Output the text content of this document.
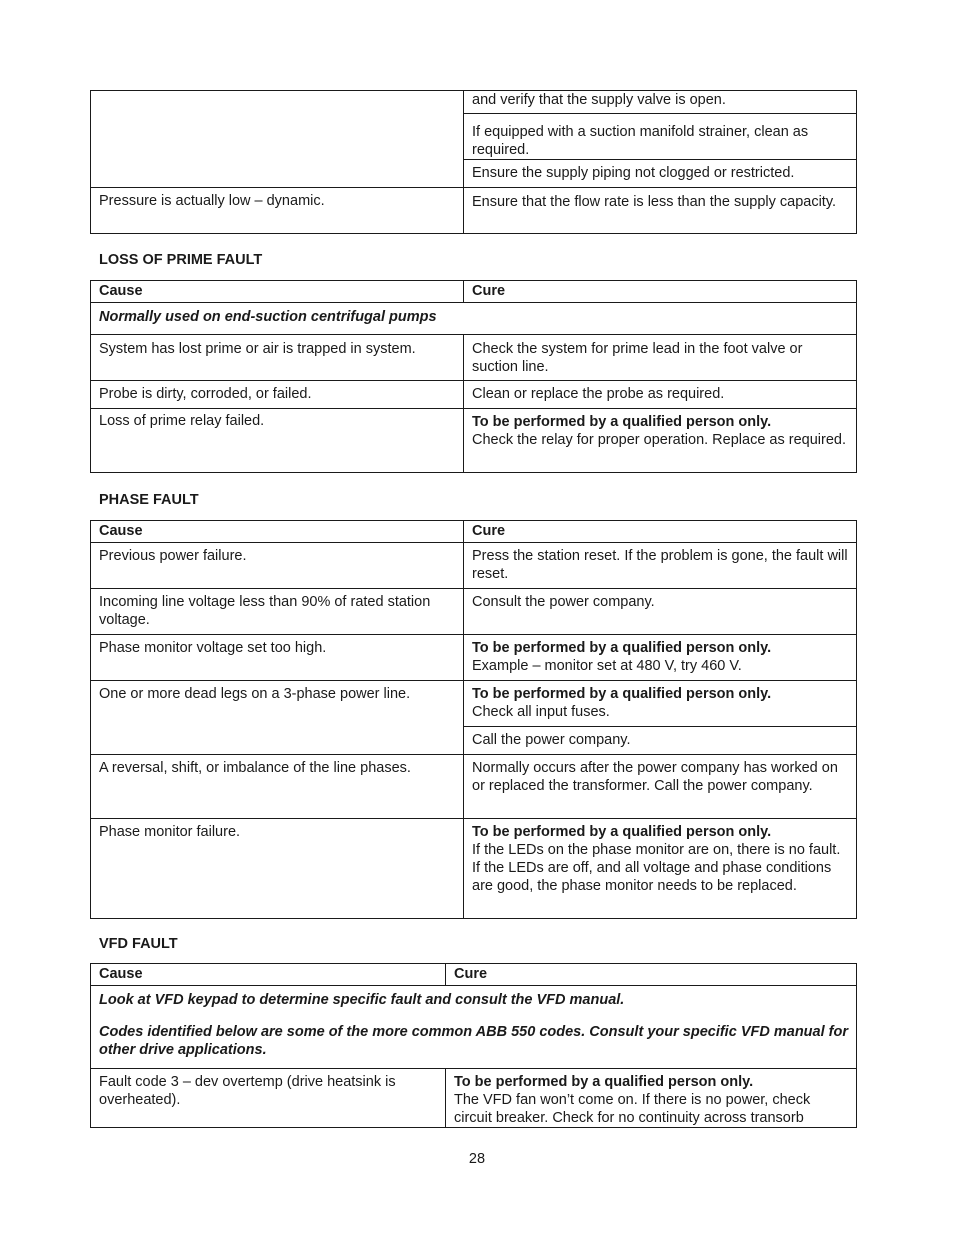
	and verify that the supply valve is open.
	If equipped with a suction manifold strainer, clean as required.
	Ensure the supply piping not clogged or restricted.
Pressure is actually low – dynamic.	Ensure that the flow rate is less than the supply capacity.
LOSS OF PRIME FAULT
Cause	Cure
Normally used on end-suction centrifugal pumps	
System has lost prime or air is trapped in system.	Check the system for prime lead in the foot valve or suction line.
Probe is dirty, corroded, or failed.	Clean or replace the probe as required.
Loss of prime relay failed.	To be performed by a qualified person only.
Check the relay for proper operation. Replace as required.
PHASE FAULT
Cause	Cure
Previous power failure.	Press the station reset. If the problem is gone, the fault will reset.
Incoming line voltage less than 90% of rated station voltage.	Consult the power company.
Phase monitor voltage set too high.	To be performed by a qualified person only.
Example – monitor set at 480 V, try 460 V.

One or more dead legs on a 3-phase power line.	To be performed by a qualified person only.
Check all input fuses.

	Call the power company.
A reversal, shift, or imbalance of the line phases.	Normally occurs after the power company has worked on or replaced the transformer. Call the power company.
Phase monitor failure.	To be performed by a qualified person only.
If the LEDs on the phase monitor are on, there is no fault. If the LEDs are off, and all voltage and phase conditions are good, the phase monitor needs to be replaced.
VFD FAULT
Cause	Cure

Look at VFD keypad to determine specific fault and consult the VFD manual.
Codes identified below are some of the more common ABB 550 codes. Consult your specific VFD manual for other drive applications.	

Fault code 3 – dev overtemp (drive heatsink is overheated).	To be performed by a qualified person only.
The VFD fan won’t come on. If there is no power, check circuit breaker. Check for no continuity across transorb
28
